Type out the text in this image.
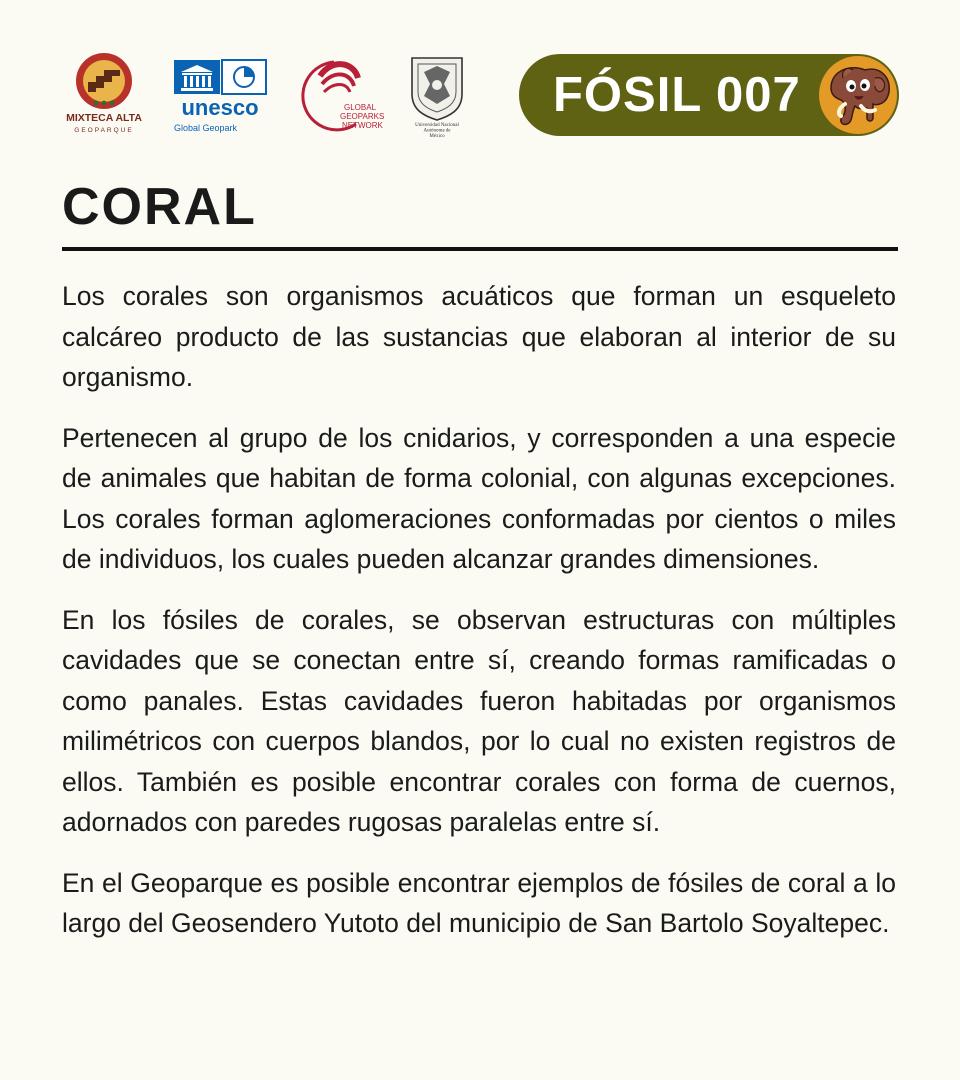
MIXTECA ALTA
GEOPARQUE
unesco
Global Geopark
GLOBAL
GEOPARKS
NETWORK	Universidad Nacional
Autónoma de
México
FÓSIL 007
CORAL

Los corales son organismos acuáticos que forman un esqueleto calcáreo producto de las sustancias que elaboran al interior de su organismo.

Pertenecen al grupo de los cnidarios, y corresponden a una especie de animales que habitan de forma colonial, con algunas excepciones. Los corales forman aglomeraciones conformadas por cientos o miles de individuos, los cuales pueden alcanzar grandes dimensiones.

En los fósiles de corales, se observan estructuras con múltiples cavidades que se conectan entre sí, creando formas ramificadas o como panales. Estas cavidades fueron habitadas por organismos milimétricos con cuerpos blandos, por lo cual no existen registros de ellos. También es posible encontrar corales con forma de cuernos, adornados con paredes rugosas paralelas entre sí.

En el Geoparque es posible encontrar ejemplos de fósiles de coral a lo largo del Geosendero Yutoto del municipio de San Bartolo Soyaltepec.
